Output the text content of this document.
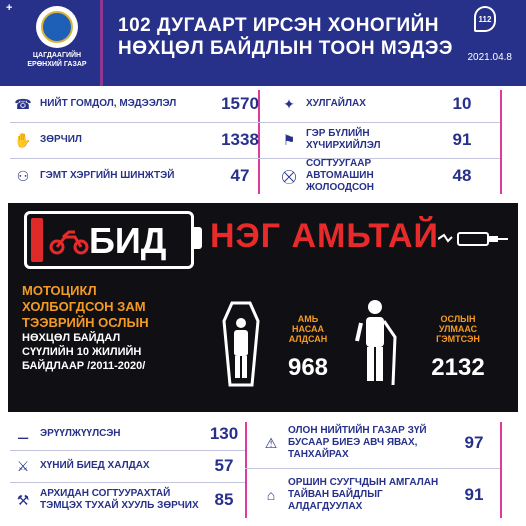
+
ЦАГДААГИЙН
ЕРӨНХИЙ ГАЗАР
102 ДУГААРТ ИРСЭН ХОНОГИЙН
НӨХЦӨЛ БАЙДЛЫН ТООН МЭДЭЭ
112
2021.04.8
☎ НИЙТ ГОМДОЛ, МЭДЭЭЛЭЛ	1570
✋ ЗӨРЧИЛ	1338
⚇	ГЭМТ ХЭРГИЙН ШИНЖТЭЙ	47
✦	ХУЛГАЙЛАХ	10
⚑	ГЭР БҮЛИЙН ХҮЧИРХИЙЛЭЛ	91
⛒
СОГТУУГААР АВТОМАШИН ЖОЛООДСОН
48
БИД НЭГ АМЬТАЙ
МОТОЦИКЛ
ХОЛБОГДСОН ЗАМ
ТЭЭВРИЙН ОСЛЫН
НӨХЦӨЛ БАЙДАЛ
СҮҮЛИЙН 10 ЖИЛИЙН
БАЙДЛААР /2011-2020/
АМЬ
НАСАА
АЛДСАН
968
ОСЛЫН
УЛМААС
ГЭМТСЭН
2132
⚊	ЭРҮҮЛЖҮҮЛСЭН	130
⚔	ХҮНИЙ БИЕД ХАЛДАХ	57
⚒	АРХИДАН СОГТУУРАХТАЙ ТЭМЦЭХ ТУХАЙ ХУУЛЬ ЗӨРЧИХ 85
⚠
ОЛОН НИЙТИЙН ГАЗАР ЗҮЙ БУСААР БИЕЭ АВЧ ЯВАХ, ТАНХАЙРАХ
97
⌂
ОРШИН СУУГЧДЫН АМГАЛАН ТАЙВАН БАЙДЛЫГ АЛДАГДУУЛАХ
91
